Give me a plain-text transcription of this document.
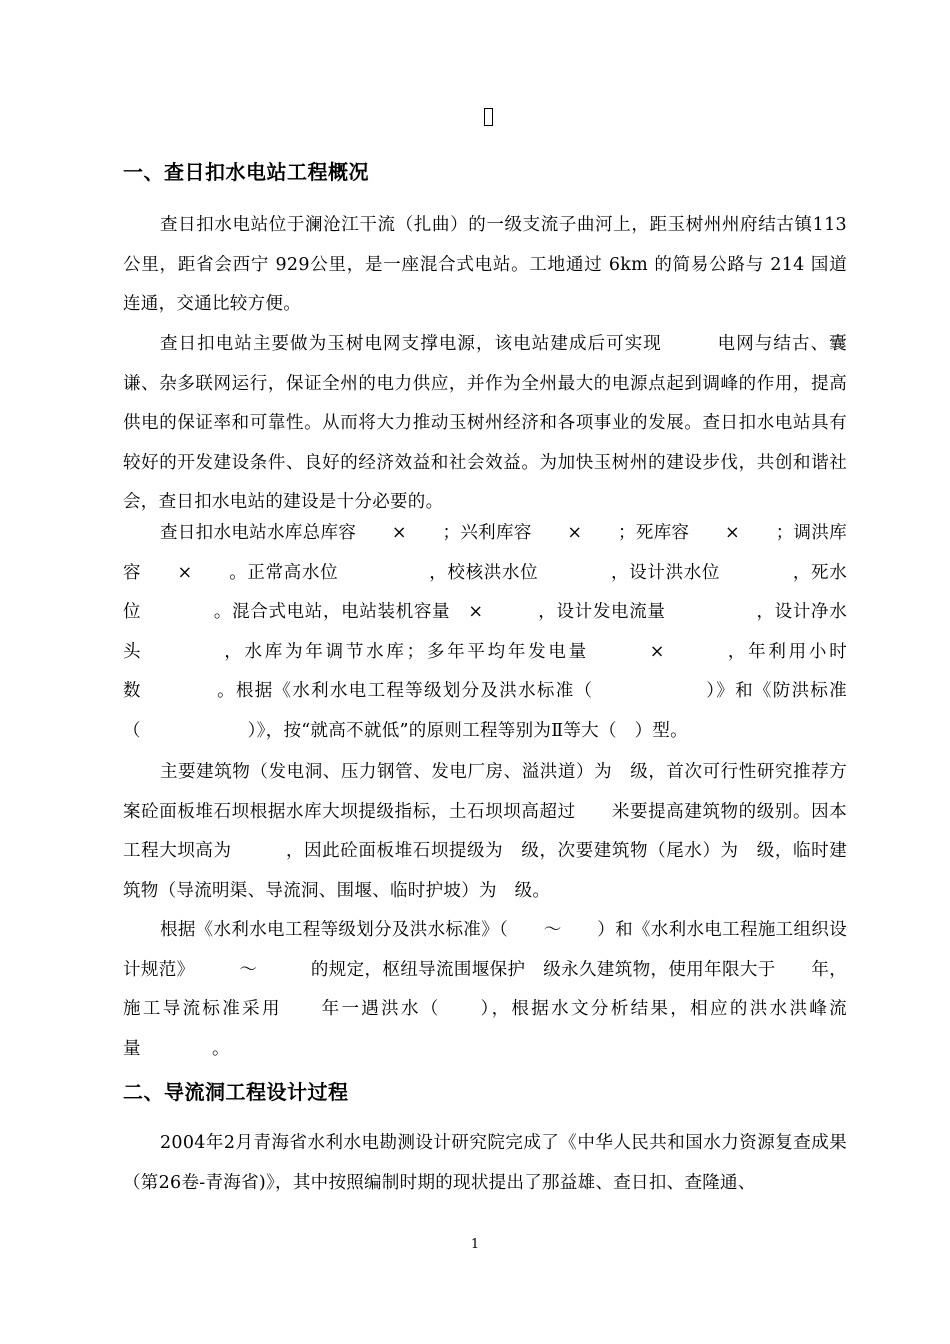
一、查日扣水电站工程概况

查日扣水电站位于澜沧江干流（扎曲）的一级支流子曲河上，距玉树州州府结古镇113公里，距省会西宁 929公里，是一座混合式电站。工地通过 6km 的简易公路与 214 国道连通，交通比较方便。

查日扣电站主要做为玉树电网支撑电源，该电站建成后可实现　　　电网与结古、囊谦、杂多联网运行，保证全州的电力供应，并作为全州最大的电源点起到调峰的作用，提高供电的保证率和可靠性。从而将大力推动玉树州经济和各项事业的发展。查日扣水电站具有较好的开发建设条件、良好的经济效益和社会效益。为加快玉树州的建设步伐，共创和谐社会，查日扣水电站的建设是十分必要的。

查日扣水电站水库总库容　　×　　；兴利库容　　×　　；死库容　　×　　；调洪库容　　×　　。正常高水位　　　　　，校核洪水位　　　　，设计洪水位　　　　，死水位　　　　。混合式电站，电站装机容量　×　　　，设计发电流量　　　　　，设计净水头　　　　，水库为年调节水库；多年平均年发电量　　　×　　　，年利用小时数　　　　。根据《水利水电工程等级划分及洪水标准（　　　　　　）》和《防洪标准（　　　　　　）》，按“就高不就低”的原则工程等别为Ⅱ等大（　）型。

主要建筑物（发电洞、压力钢管、发电厂房、溢洪道）为　级，首次可行性研究推荐方案砼面板堆石坝根据水库大坝提级指标，土石坝坝高超过　　米要提高建筑物的级别。因本工程大坝高为　　　，因此砼面板堆石坝提级为　级，次要建筑物（尾水）为　级，临时建筑物（导流明渠、导流洞、围堰、临时护坡）为　级。

根据《水利水电工程等级划分及洪水标准》（　　～　　）和《水利水电工程施工组织设计规范》　　　～　　　的规定，枢纽导流围堰保护　级永久建筑物，使用年限大于　　年，施工导流标准采用　　年一遇洪水（　　），根据水文分析结果，相应的洪水洪峰流量　　　　。

二、导流洞工程设计过程

2004年2月青海省水利水电勘测设计研究院完成了《中华人民共和国水力资源复查成果（第26卷-青海省)》，其中按照编制时期的现状提出了那益雄、查日扣、查隆通、

1
